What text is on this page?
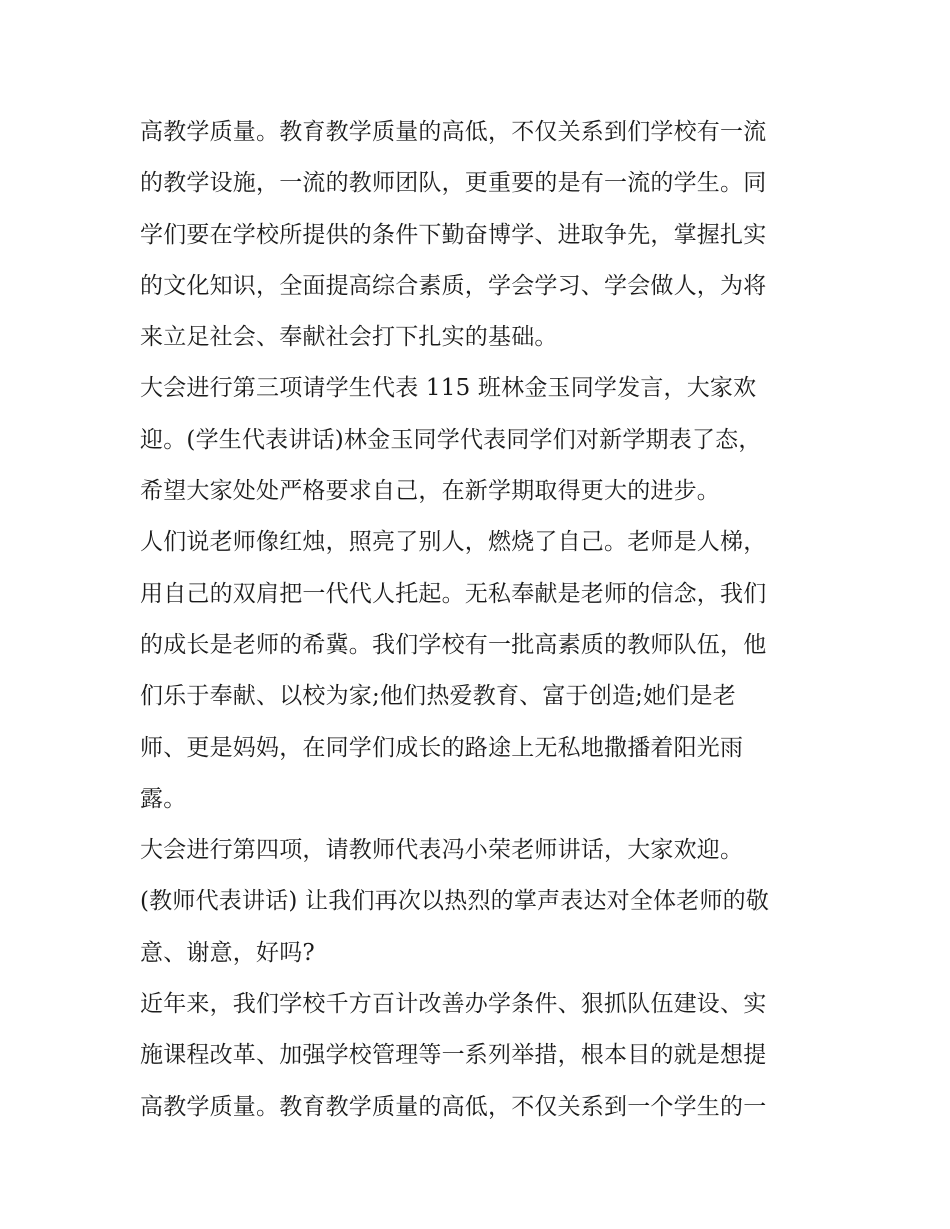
高教学质量。教育教学质量的高低，不仅关系到们学校有一流
的教学设施，一流的教师团队，更重要的是有一流的学生。同
学们要在学校所提供的条件下勤奋博学、进取争先，掌握扎实
的文化知识，全面提高综合素质，学会学习、学会做人，为将
来立足社会、奉献社会打下扎实的基础。
大会进行第三项请学生代表 115 班林金玉同学发言，大家欢
迎。(学生代表讲话)林金玉同学代表同学们对新学期表了态，
希望大家处处严格要求自己，在新学期取得更大的进步。
人们说老师像红烛，照亮了别人，燃烧了自己。老师是人梯，
用自己的双肩把一代代人托起。无私奉献是老师的信念，我们
的成长是老师的希冀。我们学校有一批高素质的教师队伍，他
们乐于奉献、以校为家;他们热爱教育、富于创造;她们是老
师、更是妈妈，在同学们成长的路途上无私地撒播着阳光雨
露。
大会进行第四项，请教师代表冯小荣老师讲话，大家欢迎。
(教师代表讲话) 让我们再次以热烈的掌声表达对全体老师的敬
意、谢意，好吗?
近年来，我们学校千方百计改善办学条件、狠抓队伍建设、实
施课程改革、加强学校管理等一系列举措，根本目的就是想提
高教学质量。教育教学质量的高低，不仅关系到一个学生的一
